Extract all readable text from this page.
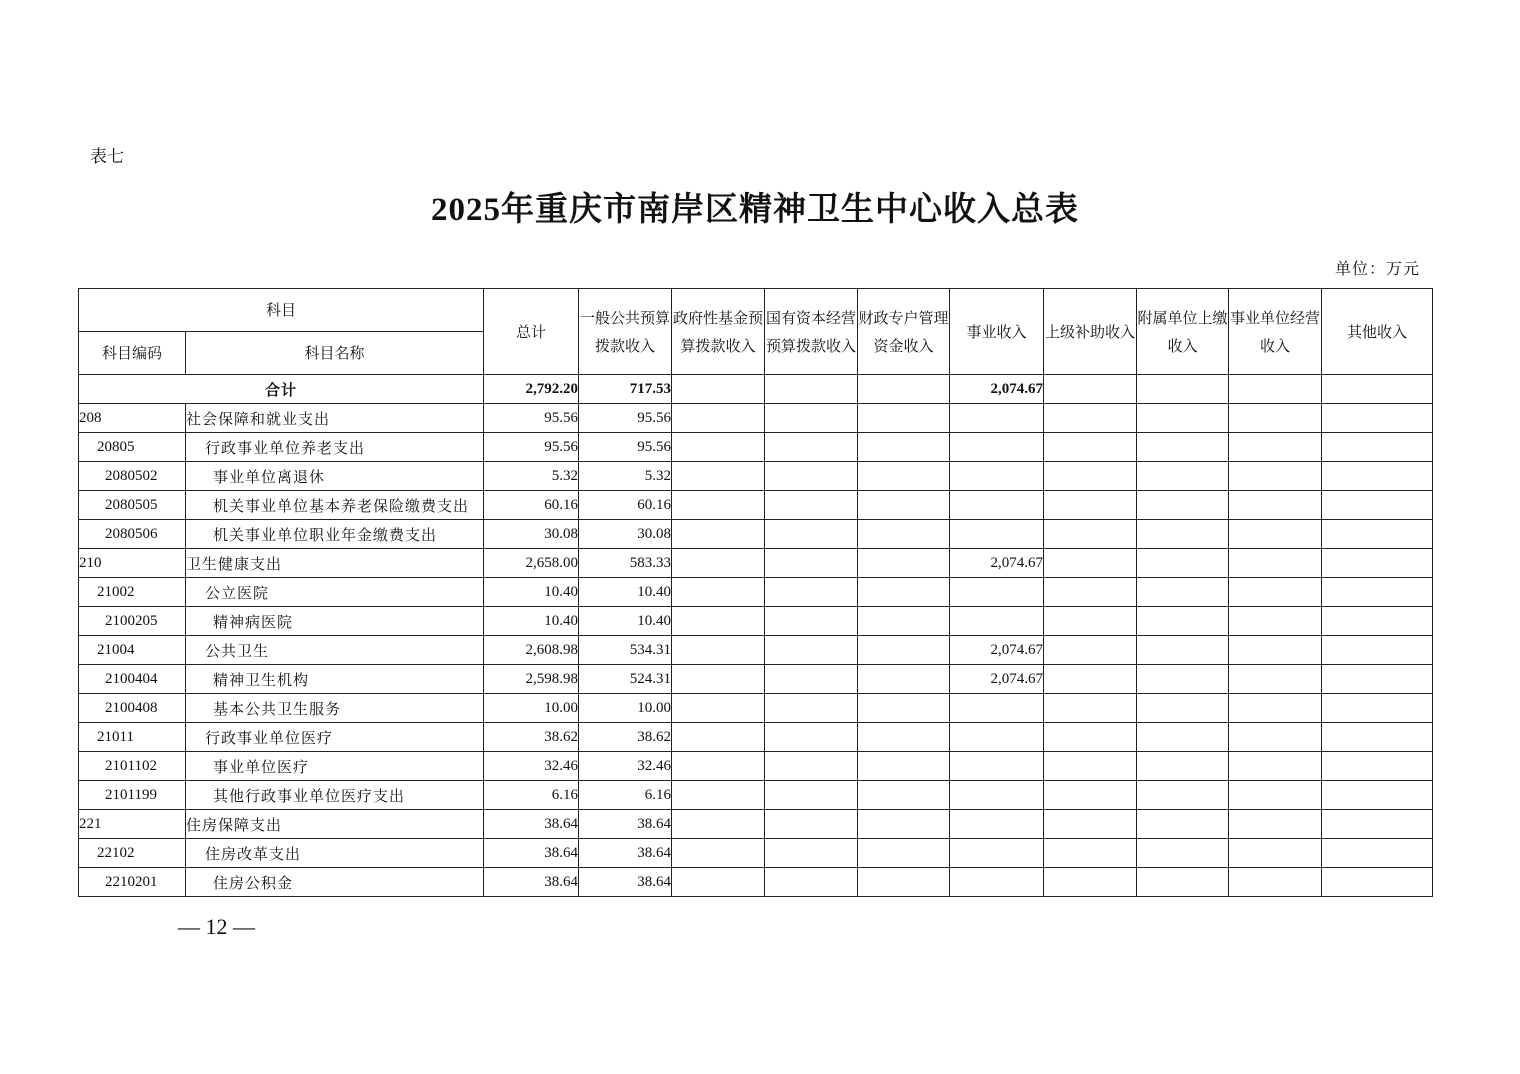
表七
2025年重庆市南岸区精神卫生中心收入总表
单位：万元
科目		总计	一般公共预算拨款收入	政府性基金预算拨款收入	国有资本经营预算拨款收入	财政专户管理资金收入	事业收入	上级补助收入	附属单位上缴收入	事业单位经营收入	其他收入
科目编码	科目名称										
合计		2,792.20	717.53				2,074.67				
208	社会保障和就业支出	95.56	95.56								
20805	行政事业单位养老支出	95.56	95.56								
2080502	事业单位离退休	5.32	5.32								
2080505	机关事业单位基本养老保险缴费支出	60.16	60.16								
2080506	机关事业单位职业年金缴费支出	30.08	30.08								
210	卫生健康支出	2,658.00	583.33				2,074.67				
21002	公立医院	10.40	10.40								
2100205	精神病医院	10.40	10.40								
21004	公共卫生	2,608.98	534.31				2,074.67				
2100404	精神卫生机构	2,598.98	524.31				2,074.67				
2100408	基本公共卫生服务	10.00	10.00								
21011	行政事业单位医疗	38.62	38.62								
2101102	事业单位医疗	32.46	32.46								
2101199	其他行政事业单位医疗支出	6.16	6.16								
221	住房保障支出	38.64	38.64								
22102	住房改革支出	38.64	38.64								
2210201	住房公积金	38.64	38.64								
— 12 —
